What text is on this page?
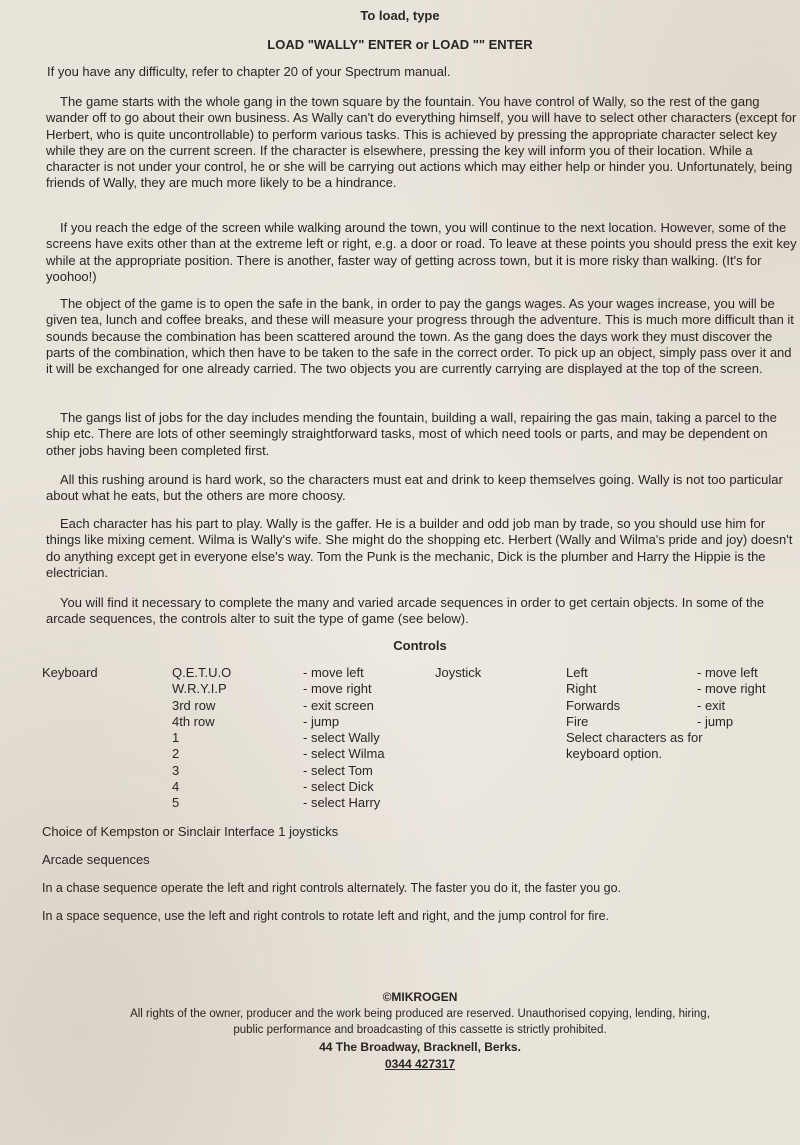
To load, type
LOAD "WALLY" ENTER or LOAD "" ENTER
If you have any difficulty, refer to chapter 20 of your Spectrum manual.
The game starts with the whole gang in the town square by the fountain. You have control of Wally, so the rest of the gang wander off to go about their own business. As Wally can't do everything himself, you will have to select other characters (except for Herbert, who is quite uncontrollable) to perform various tasks. This is achieved by pressing the appropriate character select key while they are on the current screen. If the character is elsewhere, pressing the key will inform you of their location. While a character is not under your control, he or she will be carrying out actions which may either help or hinder you. Unfortunately, being friends of Wally, they are much more likely to be a hindrance.
If you reach the edge of the screen while walking around the town, you will continue to the next location. However, some of the screens have exits other than at the extreme left or right, e.g. a door or road. To leave at these points you should press the exit key while at the appropriate position. There is another, faster way of getting across town, but it is more risky than walking. (It's for yoohoo!)
The object of the game is to open the safe in the bank, in order to pay the gangs wages. As your wages increase, you will be given tea, lunch and coffee breaks, and these will measure your progress through the adventure. This is much more difficult than it sounds because the combination has been scattered around the town. As the gang does the days work they must discover the parts of the combination, which then have to be taken to the safe in the correct order. To pick up an object, simply pass over it and it will be exchanged for one already carried. The two objects you are currently carrying are displayed at the top of the screen.
The gangs list of jobs for the day includes mending the fountain, building a wall, repairing the gas main, taking a parcel to the ship etc. There are lots of other seemingly straightforward tasks, most of which need tools or parts, and may be dependent on other jobs having been completed first.
All this rushing around is hard work, so the characters must eat and drink to keep themselves going. Wally is not too particular about what he eats, but the others are more choosy.
Each character has his part to play. Wally is the gaffer. He is a builder and odd job man by trade, so you should use him for things like mixing cement. Wilma is Wally's wife. She might do the shopping etc. Herbert (Wally and Wilma's pride and joy) doesn't do anything except get in everyone else's way. Tom the Punk is the mechanic, Dick is the plumber and Harry the Hippie is the electrician.
You will find it necessary to complete the many and varied arcade sequences in order to get certain objects. In some of the arcade sequences, the controls alter to suit the type of game (see below).
Controls
Keyboard	Q.E.T.U.O
W.R.Y.I.P
3rd row
4th row
1
2
3
4
5
- move left
- move right
- exit screen
- jump
- select Wally
- select Wilma
- select Tom
- select Dick
- select Harry
Joystick	Left
Right
Forwards
Fire
Select characters as for
keyboard option.
- move left
- move right
- exit
- jump
Choice of Kempston or Sinclair Interface 1 joysticks
Arcade sequences
In a chase sequence operate the left and right controls alternately. The faster you do it, the faster you go.
In a space sequence, use the left and right controls to rotate left and right, and the jump control for fire.
©MIKROGEN
All rights of the owner, producer and the work being produced are reserved. Unauthorised copying, lending, hiring,
public performance and broadcasting of this cassette is strictly prohibited.
44 The Broadway, Bracknell, Berks.
0344 427317
